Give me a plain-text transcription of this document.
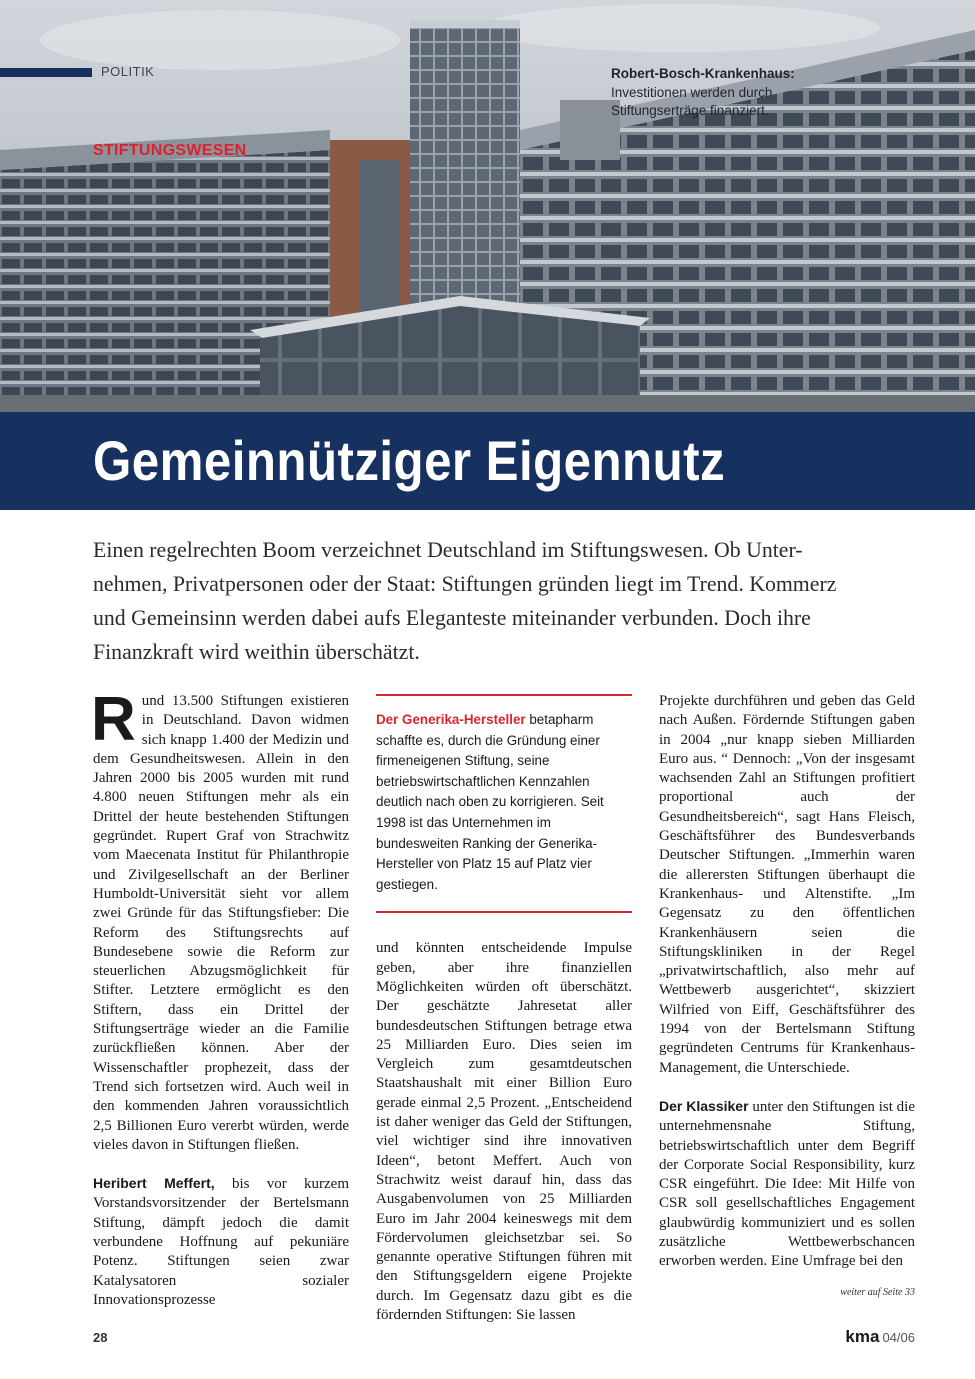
POLITIK
STIFTUNGSWESEN
Robert-Bosch-Krankenhaus:
Investitionen werden durch
Stiftungserträge finanziert.
Gemeinnütziger Eigennutz
Einen regelrechten Boom verzeichnet Deutschland im Stiftungswesen. Ob Unter-
nehmen, Privatpersonen oder der Staat: Stiftungen gründen liegt im Trend. Kommerz
und Gemeinsinn werden dabei aufs Eleganteste miteinander verbunden. Doch ihre
Finanzkraft wird weithin überschätzt.

Rund 13.500 Stiftungen existieren in Deutschland. Davon widmen sich knapp 1.400 der Medizin und dem Gesundheitswesen. Allein in den Jahren 2000 bis 2005 wurden mit rund 4.800 neuen Stiftungen mehr als ein Drittel der heute bestehenden Stiftungen gegründet. Rupert Graf von Strachwitz vom Maecenata Institut für Philanthropie und Zivilgesellschaft an der Berliner Humboldt-Universität sieht vor allem zwei Gründe für das Stiftungsfieber: Die Reform des Stiftungsrechts auf Bundesebene sowie die Reform zur steuerlichen Abzugsmöglichkeit für Stifter. Letztere ermöglicht es den Stiftern, dass ein Drittel der Stiftungserträge wieder an die Familie zurückfließen können. Aber der Wissenschaftler prophezeit, dass der Trend sich fortsetzen wird. Auch weil in den kommenden Jahren voraussichtlich 2,5 Billionen Euro vererbt würden, werde vieles davon in Stiftungen fließen.

Heribert Meffert, bis vor kurzem Vorstandsvorsitzender der Bertelsmann Stiftung, dämpft jedoch die damit verbundene Hoffnung auf pekuniäre Potenz. Stiftungen seien zwar Katalysatoren sozialer Innovationsprozesse

Der Generika-Hersteller betapharm schaffte es, durch die Gründung einer firmeneigenen Stiftung, seine betriebswirtschaftlichen Kennzahlen deutlich nach oben zu korrigieren. Seit 1998 ist das Unternehmen im bundesweiten Ranking der Generika-Hersteller von Platz 15 auf Platz vier gestiegen.

und könnten entscheidende Impulse geben, aber ihre finanziellen Möglichkeiten würden oft überschätzt. Der geschätzte Jahresetat aller bundesdeutschen Stiftungen betrage etwa 25 Milliarden Euro. Dies seien im Vergleich zum gesamtdeutschen Staatshaushalt mit einer Billion Euro gerade einmal 2,5 Prozent. „Entscheidend ist daher weniger das Geld der Stiftungen, viel wichtiger sind ihre innovativen Ideen“, betont Meffert. Auch von Strachwitz weist darauf hin, dass das Ausgabenvolumen von 25 Milliarden Euro im Jahr 2004 keineswegs mit dem Fördervolumen gleichsetzbar sei. So genannte operative Stiftungen führen mit den Stiftungsgeldern eigene Projekte durch. Im Gegensatz dazu gibt es die fördernden Stiftungen: Sie lassen

Projekte durchführen und geben das Geld nach Außen. Fördernde Stiftungen gaben in 2004 „nur knapp sieben Milliarden Euro aus. “ Dennoch: „Von der insgesamt wachsenden Zahl an Stiftungen profitiert proportional auch der Gesundheitsbereich“, sagt Hans Fleisch, Geschäftsführer des Bundesverbands Deutscher Stiftungen. „Immerhin waren die allerersten Stiftungen überhaupt die Krankenhaus- und Altenstifte. „Im Gegensatz zu den öffentlichen Krankenhäusern seien die Stiftungskliniken in der Regel „privatwirtschaftlich, also mehr auf Wettbewerb ausgerichtet“, skizziert Wilfried von Eiff, Geschäftsführer des 1994 von der Bertelsmann Stiftung gegründeten Centrums für Krankenhaus-Management, die Unterschiede.

Der Klassiker unter den Stiftungen ist die unternehmensnahe Stiftung, betriebswirtschaftlich unter dem Begriff der Corporate Social Responsibility, kurz CSR eingeführt. Die Idee: Mit Hilfe von CSR soll gesellschaftliches Engagement glaubwürdig kommuniziert und es sollen zusätzliche Wettbewerbschancen erworben werden. Eine Umfrage bei den

weiter auf Seite 33
28	kma 04/06
